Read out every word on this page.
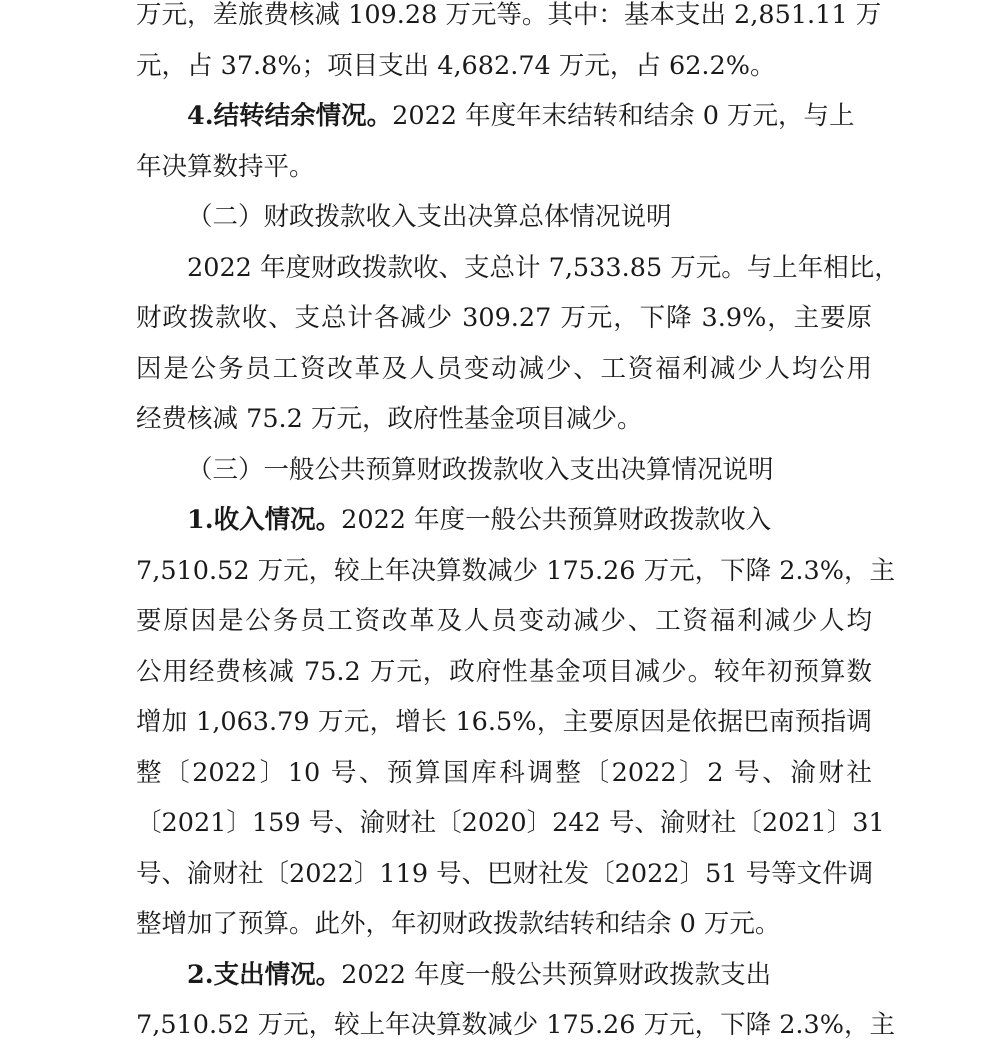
万元，差旅费核减 109.28 万元等。其中：基本支出 2,851.11 万
元，占 37.8%；项目支出 4,682.74 万元，占 62.2%。
4.结转结余情况。2022 年度年末结转和结余 0 万元，与上
年决算数持平。
（二）财政拨款收入支出决算总体情况说明
2022 年度财政拨款收、支总计 7,533.85 万元。与上年相比，
财政拨款收、支总计各减少 309.27 万元，下降 3.9%，主要原
因是公务员工资改革及人员变动减少、工资福利减少人均公用
经费核减 75.2 万元，政府性基金项目减少。
（三）一般公共预算财政拨款收入支出决算情况说明
1.收入情况。2022 年度一般公共预算财政拨款收入
7,510.52 万元，较上年决算数减少 175.26 万元，下降 2.3%，主
要原因是公务员工资改革及人员变动减少、工资福利减少人均
公用经费核减 75.2 万元，政府性基金项目减少。较年初预算数
增加 1,063.79 万元，增长 16.5%，主要原因是依据巴南预指调
整〔2022〕10 号、预算国库科调整〔2022〕2 号、渝财社
〔2021〕159 号、渝财社〔2020〕242 号、渝财社〔2021〕31
号、渝财社〔2022〕119 号、巴财社发〔2022〕51 号等文件调
整增加了预算。此外，年初财政拨款结转和结余 0 万元。
2.支出情况。2022 年度一般公共预算财政拨款支出
7,510.52 万元，较上年决算数减少 175.26 万元，下降 2.3%，主
